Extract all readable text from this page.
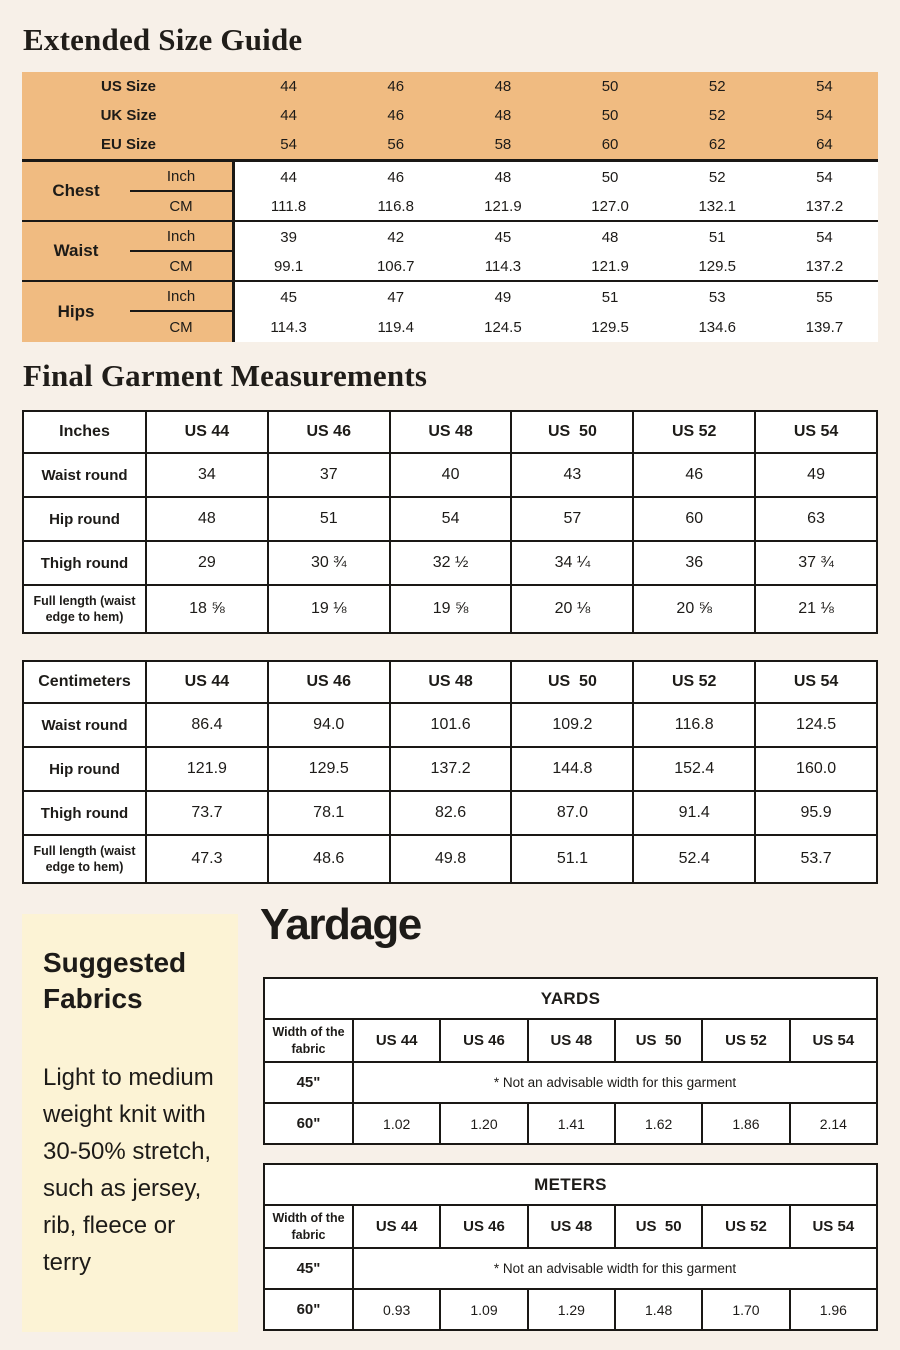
Extended Size Guide
US Size	44	46	48	50	52	54
UK Size	44	46	48	50	52	54
EU Size	54	56	58	60	62	64
Chest
Inch	44	46	48	50	52	54
CM	111.8	116.8	121.9	127.0	132.1	137.2
Waist
Inch	39	42	45	48	51	54
CM	99.1	106.7	114.3	121.9	129.5	137.2
Hips
Inch	45	47	49	51	53	55
CM	114.3	119.4	124.5	129.5	134.6	139.7
Final Garment Measurements
Inches	US 44	US 46	US 48	US  50	US 52	US 54
Waist round	34	37	40	43	46	49
Hip round	48	51	54	57	60	63
Thigh round	29	30 ¾	32 ½	34 ¼	36	37 ¾
Full length (waist edge to hem)	18 ⅝	19 ⅛	19 ⅝	20 ⅛	20 ⅝	21 ⅛
Centimeters	US 44	US 46	US 48	US  50	US 52	US 54
Waist round	86.4	94.0	101.6	109.2	116.8	124.5
Hip round	121.9	129.5	137.2	144.8	152.4	160.0
Thigh round	73.7	78.1	82.6	87.0	91.4	95.9
Full length (waist edge to hem)	47.3	48.6	49.8	51.1	52.4	53.7
Suggested Fabrics

Light to medium weight knit with 30-50% stretch, such as jersey, rib, fleece or terry

Yardage
YARDS						
Width of the fabric	US 44	US 46	US 48	US  50	US 52	US 54
45"	* Not an advisable width for this garment					
60"	1.02	1.20	1.41	1.62	1.86	2.14
METERS						
Width of the fabric	US 44	US 46	US 48	US  50	US 52	US 54
45"	* Not an advisable width for this garment					
60"	0.93	1.09	1.29	1.48	1.70	1.96
